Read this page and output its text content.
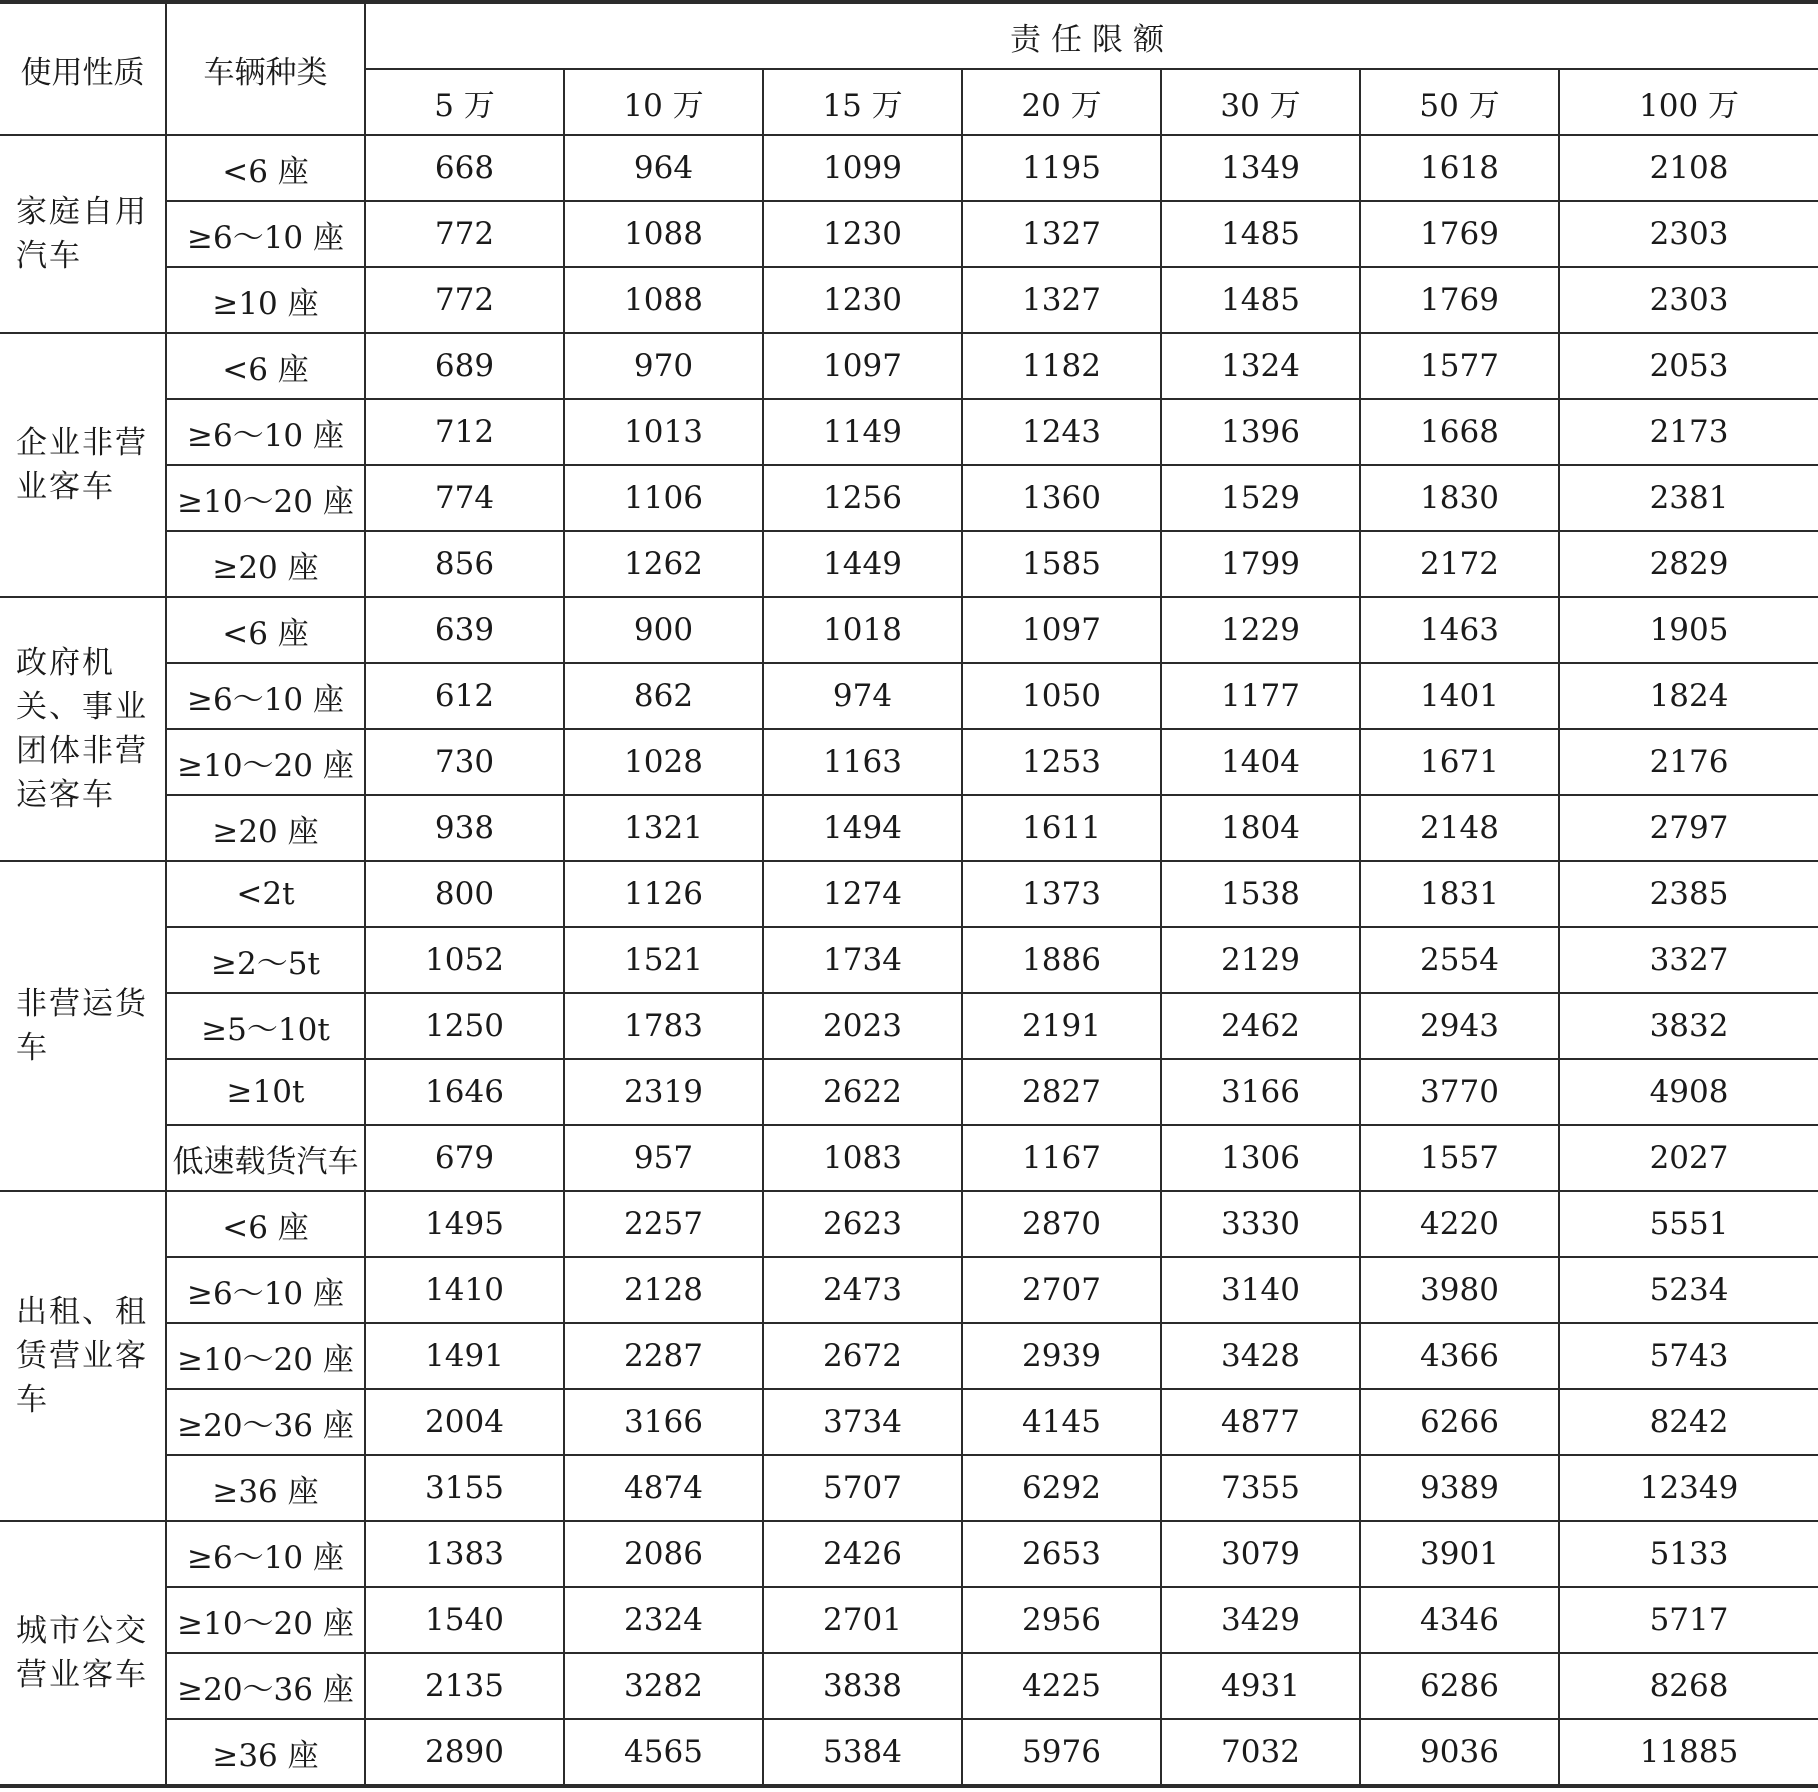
使用性质	车辆种类	责任限额						
		5 万	10 万	15 万	20 万	30 万	50 万	100 万
家庭自用汽车	<6 座	668	964	1099	1195	1349	1618	2108
	≥6～10 座	772	1088	1230	1327	1485	1769	2303
	≥10 座	772	1088	1230	1327	1485	1769	2303
企业非营业客车	<6 座	689	970	1097	1182	1324	1577	2053
	≥6～10 座	712	1013	1149	1243	1396	1668	2173
	≥10～20 座	774	1106	1256	1360	1529	1830	2381
	≥20 座	856	1262	1449	1585	1799	2172	2829
政府机关、事业团体非营运客车	<6 座	639	900	1018	1097	1229	1463	1905
	≥6～10 座	612	862	974	1050	1177	1401	1824
	≥10～20 座	730	1028	1163	1253	1404	1671	2176
	≥20 座	938	1321	1494	1611	1804	2148	2797
非营运货车	<2t	800	1126	1274	1373	1538	1831	2385
	≥2～5t	1052	1521	1734	1886	2129	2554	3327
	≥5～10t	1250	1783	2023	2191	2462	2943	3832
	≥10t	1646	2319	2622	2827	3166	3770	4908
	低速载货汽车	679	957	1083	1167	1306	1557	2027
出租、租赁营业客车	<6 座	1495	2257	2623	2870	3330	4220	5551
	≥6～10 座	1410	2128	2473	2707	3140	3980	5234
	≥10～20 座	1491	2287	2672	2939	3428	4366	5743
	≥20～36 座	2004	3166	3734	4145	4877	6266	8242
	≥36 座	3155	4874	5707	6292	7355	9389	12349
城市公交营业客车	≥6～10 座	1383	2086	2426	2653	3079	3901	5133
	≥10～20 座	1540	2324	2701	2956	3429	4346	5717
	≥20～36 座	2135	3282	3838	4225	4931	6286	8268
	≥36 座	2890	4565	5384	5976	7032	9036	11885
